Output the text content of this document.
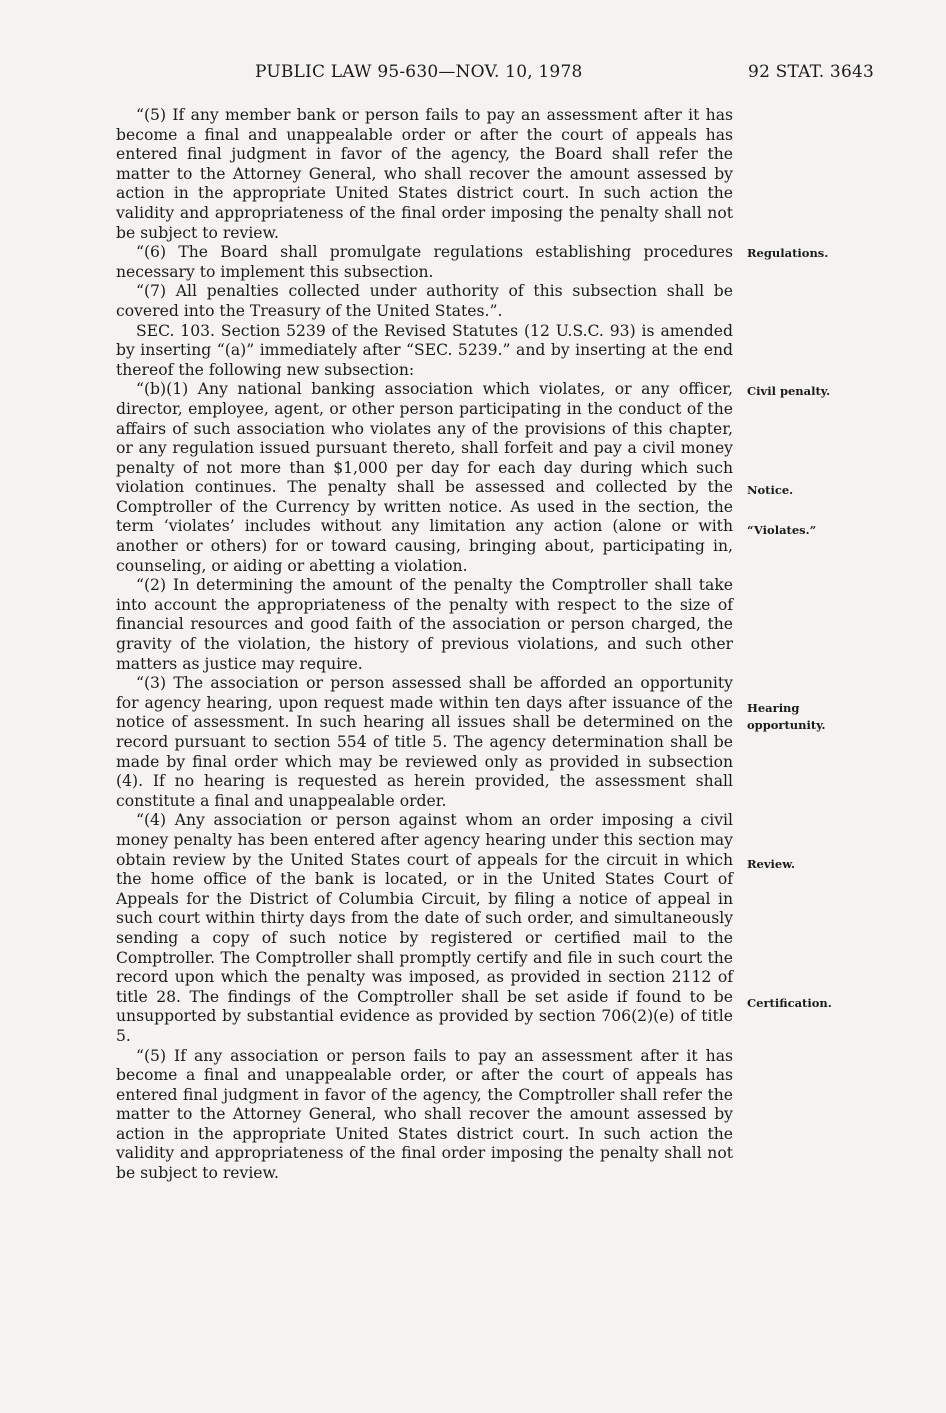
PUBLIC LAW 95-630—NOV. 10, 1978	92 STAT. 3643

“(5) If any member bank or person fails to pay an assessment after it has become a final and unappealable order or after the court of appeals has entered final judgment in favor of the agency, the Board shall refer the matter to the Attorney General, who shall recover the amount assessed by action in the appropriate United States district court. In such action the validity and appropriateness of the final order imposing the penalty shall not be subject to review.

“(6) The Board shall promulgate regulations establishing procedures necessary to implement this subsection.

“(7) All penalties collected under authority of this subsection shall be covered into the Treasury of the United States.”.

SEC. 103. Section 5239 of the Revised Statutes (12 U.S.C. 93) is amended by inserting “(a)” immediately after “SEC. 5239.” and by inserting at the end thereof the following new subsection:

“(b)(1) Any national banking association which violates, or any officer, director, employee, agent, or other person participating in the conduct of the affairs of such association who violates any of the provisions of this chapter, or any regulation issued pursuant thereto, shall forfeit and pay a civil money penalty of not more than $1,000 per day for each day during which such violation continues. The penalty shall be assessed and collected by the Comptroller of the Currency by written notice. As used in the section, the term ‘violates’ includes without any limitation any action (alone or with another or others) for or toward causing, bringing about, participating in, counseling, or aiding or abetting a violation.

“(2) In determining the amount of the penalty the Comptroller shall take into account the appropriateness of the penalty with respect to the size of financial resources and good faith of the association or person charged, the gravity of the violation, the history of previous violations, and such other matters as justice may require.

“(3) The association or person assessed shall be afforded an opportunity for agency hearing, upon request made within ten days after issuance of the notice of assessment. In such hearing all issues shall be determined on the record pursuant to section 554 of title 5. The agency determination shall be made by final order which may be reviewed only as provided in subsection (4). If no hearing is requested as herein provided, the assessment shall constitute a final and unappealable order.

“(4) Any association or person against whom an order imposing a civil money penalty has been entered after agency hearing under this section may obtain review by the United States court of appeals for the circuit in which the home office of the bank is located, or in the United States Court of Appeals for the District of Columbia Circuit, by filing a notice of appeal in such court within thirty days from the date of such order, and simultaneously sending a copy of such notice by registered or certified mail to the Comptroller. The Comptroller shall promptly certify and file in such court the record upon which the penalty was imposed, as provided in section 2112 of title 28. The findings of the Comptroller shall be set aside if found to be unsupported by substantial evidence as provided by section 706(2)(e) of title 5.

“(5) If any association or person fails to pay an assessment after it has become a final and unappealable order, or after the court of appeals has entered final judgment in favor of the agency, the Comptroller shall refer the matter to the Attorney General, who shall recover the amount assessed by action in the appropriate United States district court. In such action the validity and appropriateness of the final order imposing the penalty shall not be subject to review.

Regulations.
Civil penalty.
Notice.
“Violates.”
Hearing
opportunity.
Review.
Certification.
